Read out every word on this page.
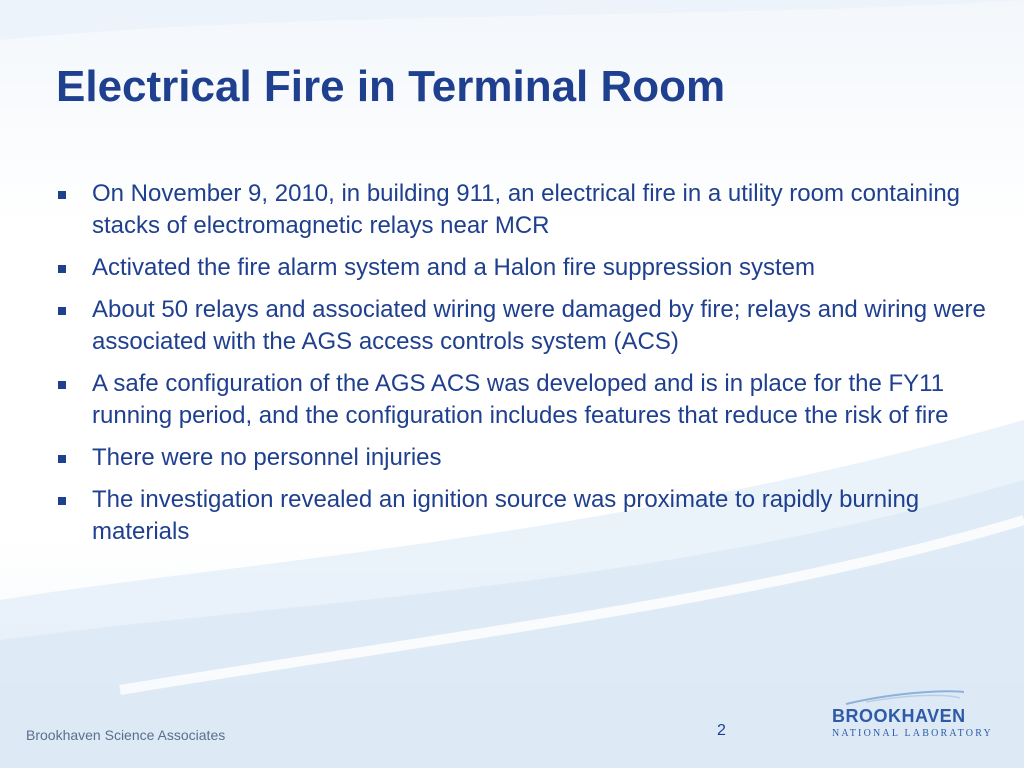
Electrical Fire in Terminal Room
On November 9, 2010, in building 911, an electrical fire in a utility room containing stacks of electromagnetic relays near MCR
Activated the fire alarm system and a Halon fire suppression system
About 50 relays and associated wiring were damaged by fire; relays and wiring were associated with the AGS access controls system (ACS)
A safe configuration of the AGS ACS was developed and is in place for the FY11 running period, and the configuration includes features that reduce the risk of fire
There were no personnel injuries
The investigation revealed an ignition source was proximate to rapidly burning materials
Brookhaven Science Associates	2
BROOKHAVEN
NATIONAL LABORATORY
